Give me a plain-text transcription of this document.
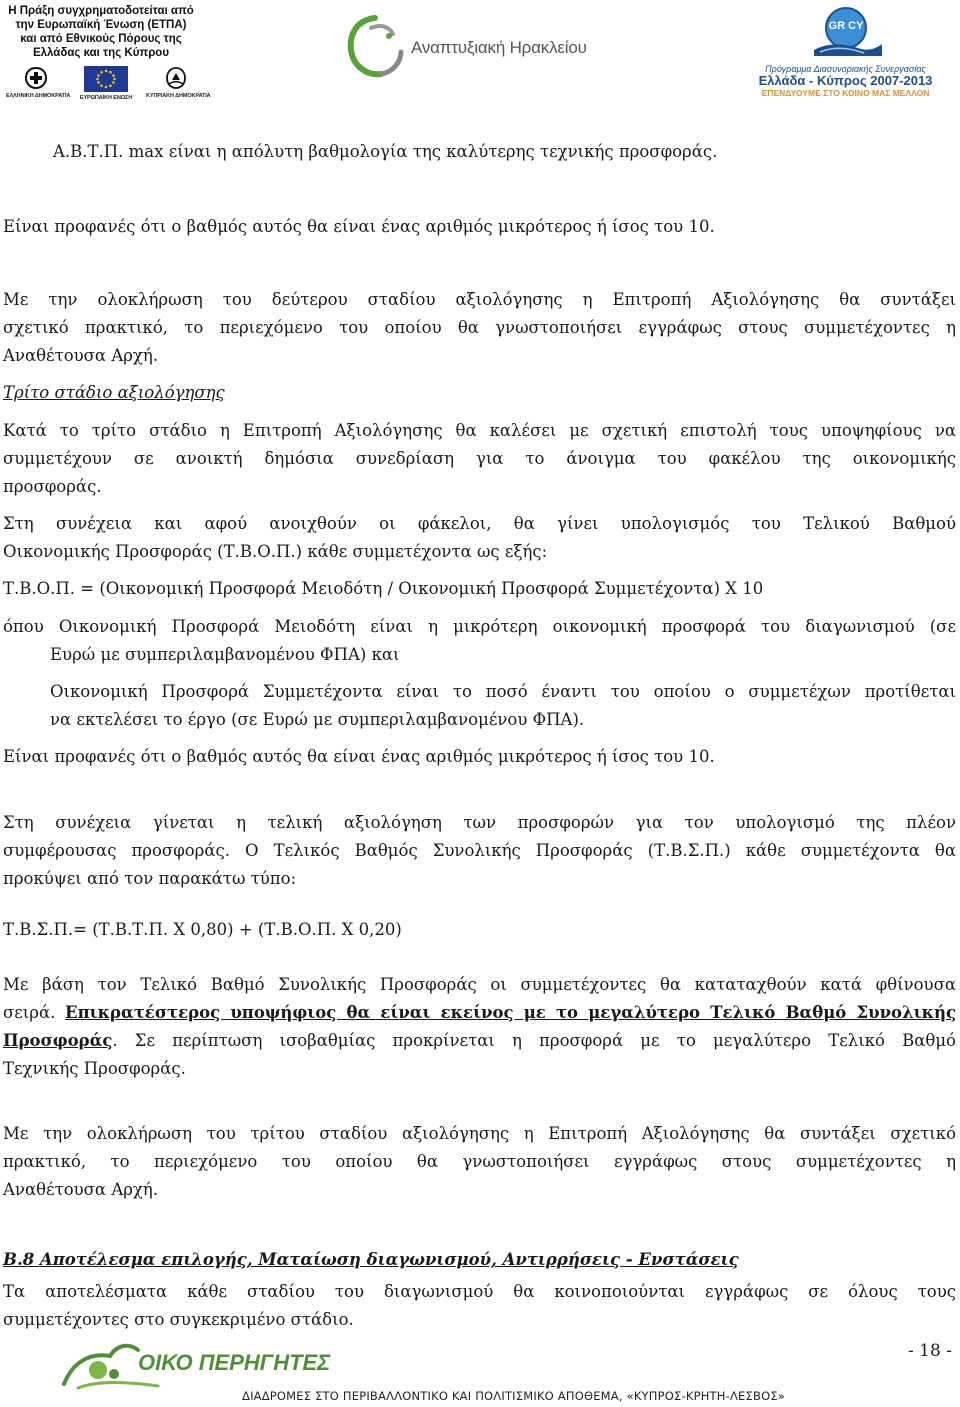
Η Πράξη συγχρηματοδοτείται από την Ευρωπαϊκή Ένωση (ΕΤΠΑ) και από Εθνικούς Πόρους της Ελλάδας και της Κύπρου
ΕΛΛΗΝΙΚΗ ΔΗΜΟΚΡΑΤΙΑ	ΕΥΡΩΠΑΪΚΗ ΕΝΩΣΗ	ΚΥΠΡΙΑΚΗ ΔΗΜΟΚΡΑΤΙΑ
Αναπτυξιακή Ηρακλείου
GR CY
Πρόγραμμα Διασυνοριακής Συνεργασίας
Ελλάδα - Κύπρος 2007-2013
ΕΠΕΝΔΥΟΥΜΕ ΣΤΟ ΚΟΙΝΟ ΜΑΣ ΜΕΛΛΟΝ
Α.Β.Τ.Π. max είναι η απόλυτη βαθμολογία της καλύτερης τεχνικής προσφοράς.
Είναι προφανές ότι ο βαθμός αυτός θα είναι ένας αριθμός μικρότερος ή ίσος του 10.
Με την ολοκλήρωση του δεύτερου σταδίου αξιολόγησης η Επιτροπή Αξιολόγησης θα συντάξει
σχετικό πρακτικό, το περιεχόμενο του οποίου θα γνωστοποιήσει εγγράφως στους συμμετέχοντες η
Αναθέτουσα Αρχή.
Τρίτο στάδιο αξιολόγησης
Κατά το τρίτο στάδιο η Επιτροπή Αξιολόγησης θα καλέσει με σχετική επιστολή τους υποψηφίους να
συμμετέχουν σε ανοικτή δημόσια συνεδρίαση για το άνοιγμα του φακέλου της οικονομικής
προσφοράς.
Στη συνέχεια και αφού ανοιχθούν οι φάκελοι, θα γίνει υπολογισμός του Τελικού Βαθμού
Οικονομικής Προσφοράς (Τ.Β.Ο.Π.) κάθε συμμετέχοντα ως εξής:
Τ.Β.Ο.Π. = (Οικονομική Προσφορά Μειοδότη / Οικονομική Προσφορά Συμμετέχοντα) Χ 10
όπου Οικονομική Προσφορά Μειοδότη είναι η μικρότερη οικονομική προσφορά του διαγωνισμού (σε
Ευρώ με συμπεριλαμβανομένου ΦΠΑ) και
Οικονομική Προσφορά Συμμετέχοντα είναι το ποσό έναντι του οποίου ο συμμετέχων προτίθεται
να εκτελέσει το έργο (σε Ευρώ με συμπεριλαμβανομένου ΦΠΑ).
Είναι προφανές ότι ο βαθμός αυτός θα είναι ένας αριθμός μικρότερος ή ίσος του 10.
Στη συνέχεια γίνεται η τελική αξιολόγηση των προσφορών για τον υπολογισμό της πλέον
συμφέρουσας προσφοράς. Ο Τελικός Βαθμός Συνολικής Προσφοράς (Τ.Β.Σ.Π.) κάθε συμμετέχοντα θα
προκύψει από τον παρακάτω τύπο:
Τ.Β.Σ.Π.= (Τ.Β.Τ.Π. Χ 0,80) + (Τ.Β.Ο.Π. Χ 0,20)
Με βάση τον Τελικό Βαθμό Συνολικής Προσφοράς οι συμμετέχοντες θα καταταχθούν κατά φθίνουσα
σειρά. Επικρατέστερος υποψήφιος θα είναι εκείνος με το μεγαλύτερο Τελικό Βαθμό Συνολικής
Προσφοράς. Σε περίπτωση ισοβαθμίας προκρίνεται η προσφορά με το μεγαλύτερο Τελικό Βαθμό
Τεχνικής Προσφοράς.
Με την ολοκλήρωση του τρίτου σταδίου αξιολόγησης η Επιτροπή Αξιολόγησης θα συντάξει σχετικό
πρακτικό, το περιεχόμενο του οποίου θα γνωστοποιήσει εγγράφως στους συμμετέχοντες η
Αναθέτουσα Αρχή.
Β.8 Αποτέλεσμα επιλογής, Ματαίωση διαγωνισμού, Αντιρρήσεις - Ενστάσεις
Τα αποτελέσματα κάθε σταδίου του διαγωνισμού θα κοινοποιούνται εγγράφως σε όλους τους
συμμετέχοντες στο συγκεκριμένο στάδιο.
ΟΙΚΟ ΠΕΡΗΓΗΤΕΣ	- 18 -
ΔΙΑΔΡΟΜΕΣ ΣΤΟ ΠΕΡΙΒΑΛΛΟΝΤΙΚΟ ΚΑΙ ΠΟΛΙΤΙΣΜΙΚΟ ΑΠΟΘΕΜΑ, «ΚΥΠΡΟΣ-ΚΡΗΤΗ-ΛΕΣΒΟΣ»
